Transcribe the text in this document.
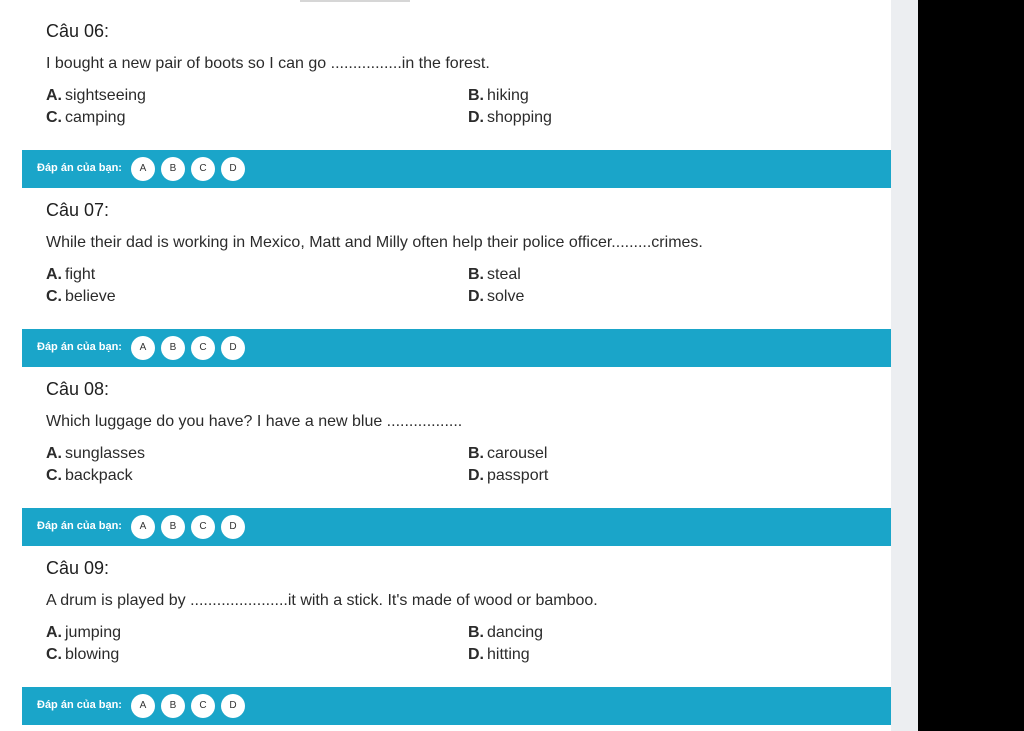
Câu 06:
I bought a new pair of boots so I can go ................in the forest.
A. sightseeing	B. hiking
C. camping	D. shopping
Đáp án của bạn:	A	B	C	D
Câu 07:
While their dad is working in Mexico, Matt and Milly often help their police officer.........crimes.
A. fight	B. steal
C. believe	D. solve
Đáp án của bạn:	A	B	C	D
Câu 08:
Which luggage do you have? I have a new blue .................
A. sunglasses	B. carousel
C. backpack	D. passport
Đáp án của bạn:	A	B	C	D
Câu 09:
A drum is played by ......................it with a stick. It's made of wood or bamboo.
A. jumping	B. dancing
C. blowing	D. hitting
Đáp án của bạn:	A	B	C	D
